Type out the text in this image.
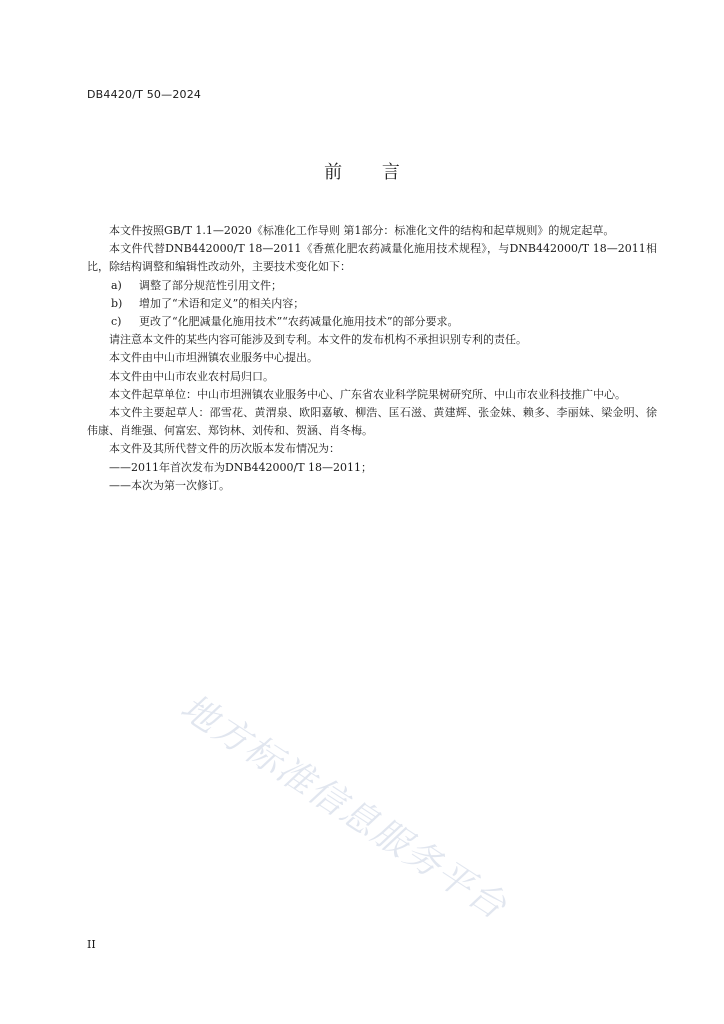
DB4420/T 50—2024
前 言

本文件按照GB/T 1.1—2020《标准化工作导则 第1部分：标准化文件的结构和起草规则》的规定起草。

本文件代替DNB442000/T 18—2011《香蕉化肥农药减量化施用技术规程》，与DNB442000/T 18—2011相比，除结构调整和编辑性改动外，主要技术变化如下：

a) 调整了部分规范性引用文件；

b) 增加了“术语和定义”的相关内容；

c) 更改了“化肥减量化施用技术”“农药减量化施用技术”的部分要求。

请注意本文件的某些内容可能涉及到专利。本文件的发布机构不承担识别专利的责任。

本文件由中山市坦洲镇农业服务中心提出。

本文件由中山市农业农村局归口。

本文件起草单位：中山市坦洲镇农业服务中心、广东省农业科学院果树研究所、中山市农业科技推广中心。

本文件主要起草人：邵雪花、黄渭泉、欧阳嘉敏、柳浩、匡石滋、黄建辉、张金妹、赖多、李丽妹、梁金明、徐伟康、肖维强、何富宏、郑钧林、刘传和、贺涵、肖冬梅。

本文件及其所代替文件的历次版本发布情况为：

——2011年首次发布为DNB442000/T 18—2011；

——本次为第一次修订。

地方标准信息服务平台
II
